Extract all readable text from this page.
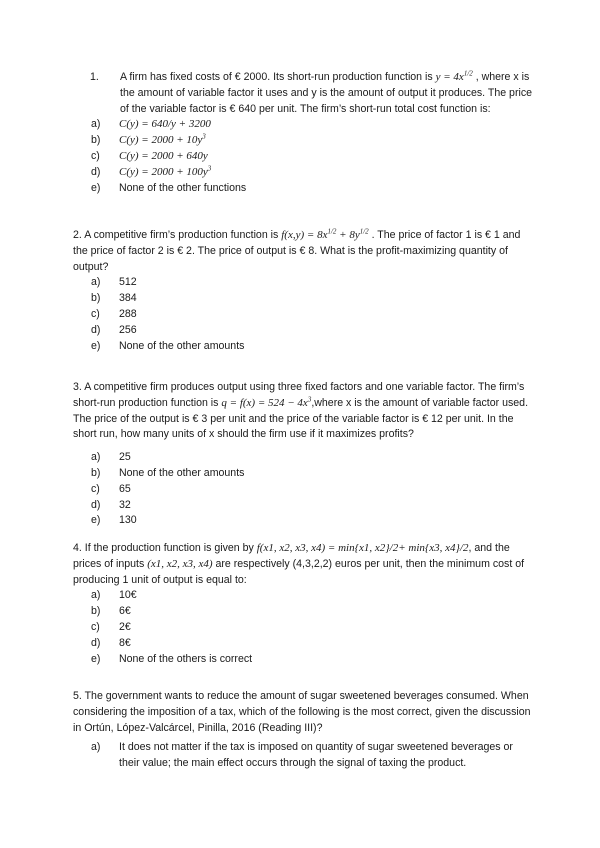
1.	A firm has fixed costs of € 2000. Its short-run production function is $y = 4x^{1/2}$ , where x is the amount of variable factor it uses and y is the amount of output it produces. The price of the variable factor is € 640 per unit. The firm’s short-run total cost function is:

a)	C(y) = 640/y + 3200
b)	$C(y) = 2000 + 10y^3$
c)	C(y) = 2000 + 640y
d)	$C(y) = 2000 + 100y^3$
e)	None of the other functions

2. A competitive firm’s production function is $f(x,y) = 8x^{1/2} + 8y^{1/2}$ . The price of factor 1 is € 1 and the price of factor 2 is € 2. The price of output is € 8. What is the profit-maximizing quantity of output?

a)	512
b)	384
c)	288
d)	256
e)	None of the other amounts

3. A competitive firm produces output using three fixed factors and one variable factor. The firm’s short-run production function is $q = f(x) = 524 - 4x^3,where$ x is the amount of variable factor used. The price of the output is € 3 per unit and the price of the variable factor is € 12 per unit. In the short run, how many units of x should the firm use if it maximizes profits?

a)	25
b)	None of the other amounts
c)	65
d)	32
e)	130

4. If the production function is given by f(x1, x2, x3, x4) = min{x1, x2}/2+ min{x3, x4}/2, and the prices of inputs (x1, x2, x3, x4) are respectively (4,3,2,2) euros per unit, then the minimum cost of producing 1 unit of output is equal to:

a)	10€
b)	6€
c)	2€
d)	8€
e)	None of the others is correct

5. The government wants to reduce the amount of sugar sweetened beverages consumed. When considering the imposition of a tax, which of the following is the most correct, given the discussion in Ortún, López-Valcárcel, Pinilla, 2016 (Reading III)?

a)	It does not matter if the tax is imposed on quantity of sugar sweetened beverages or their value; the main effect occurs through the signal of taxing the product.
